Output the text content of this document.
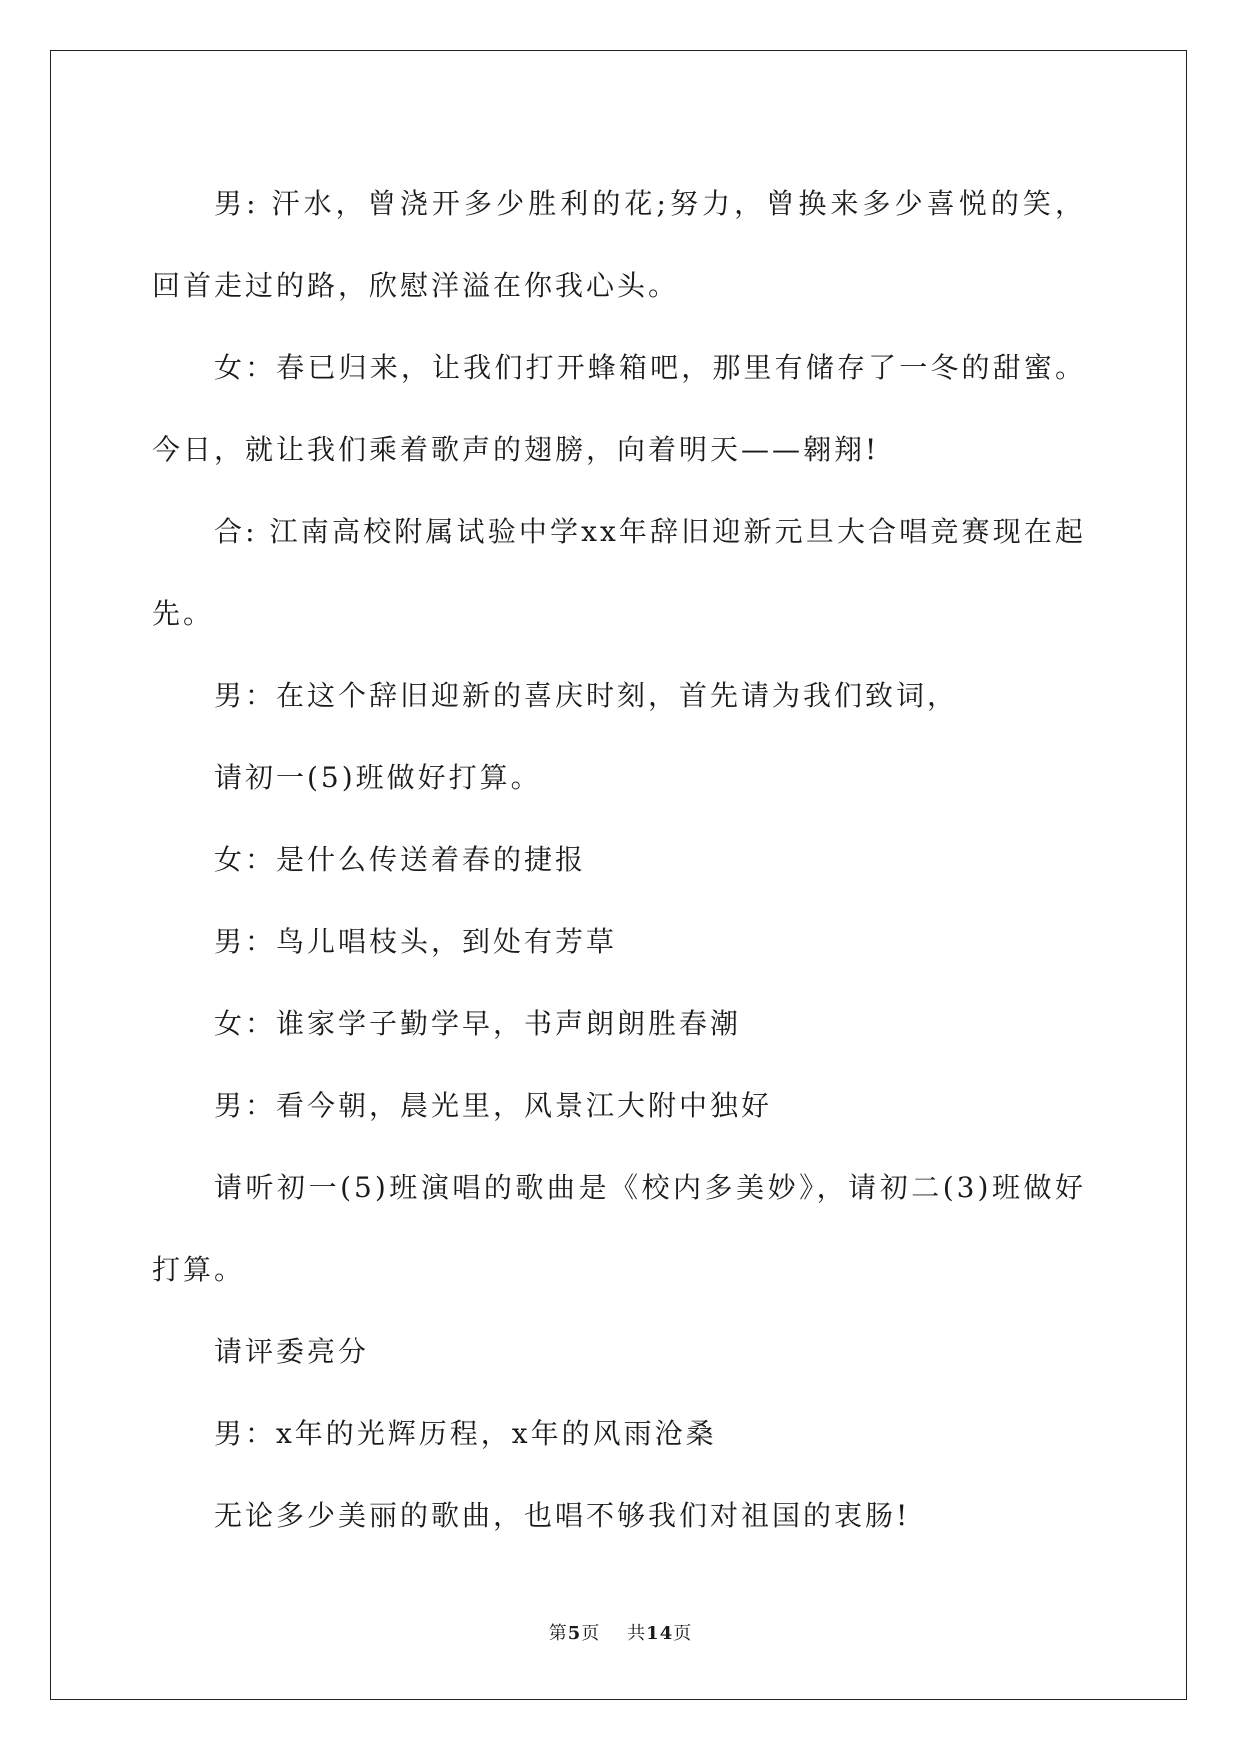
男: 汗水，曾浇开多少胜利的花;努力，曾换来多少喜悦的笑，回首走过的路，欣慰洋溢在你我心头。

女：春已归来，让我们打开蜂箱吧，那里有储存了一冬的甜蜜。今日，就让我们乘着歌声的翅膀，向着明天——翱翔!

合: 江南高校附属试验中学xx年辞旧迎新元旦大合唱竞赛现在起先。

男：在这个辞旧迎新的喜庆时刻，首先请为我们致词，

请初一(5)班做好打算。

女：是什么传送着春的捷报

男：鸟儿唱枝头，到处有芳草

女：谁家学子勤学早，书声朗朗胜春潮

男：看今朝，晨光里，风景江大附中独好

请听初一(5)班演唱的歌曲是《校内多美妙》，请初二(3)班做好打算。

请评委亮分

男：x年的光辉历程，x年的风雨沧桑

无论多少美丽的歌曲，也唱不够我们对祖国的衷肠!

第5页 共14页
